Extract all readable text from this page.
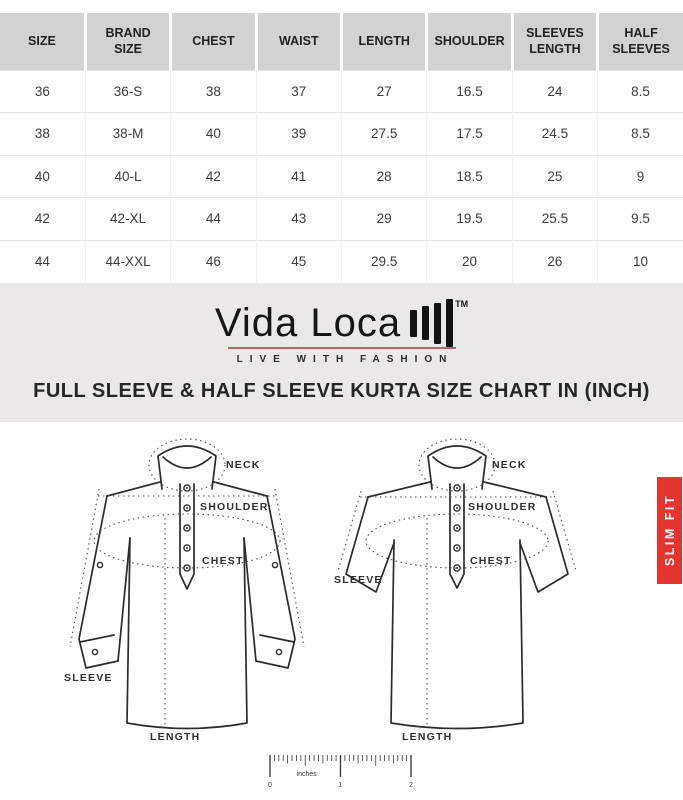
SIZE	BRAND SIZE	CHEST	WAIST	LENGTH	SHOULDER	SLEEVES LENGTH	HALF SLEEVES
36	36-S	38	37	27	16.5	24	8.5
38	38-M	40	39	27.5	17.5	24.5	8.5
40	40-L	42	41	28	18.5	25	9
42	42-XL	44	43	29	19.5	25.5	9.5
44	44-XXL	46	45	29.5	20	26	10
Vida Loca	™
LIVE WITH FASHION
FULL SLEEVE & HALF SLEEVE KURTA SIZE CHART IN (INCH)
NECK
SHOULDER
CHEST
SLEEVE
LENGTH
NECK
SHOULDER
CHEST
SLEEVE
LENGTH
SLIM FIT
0	1	2
inches
